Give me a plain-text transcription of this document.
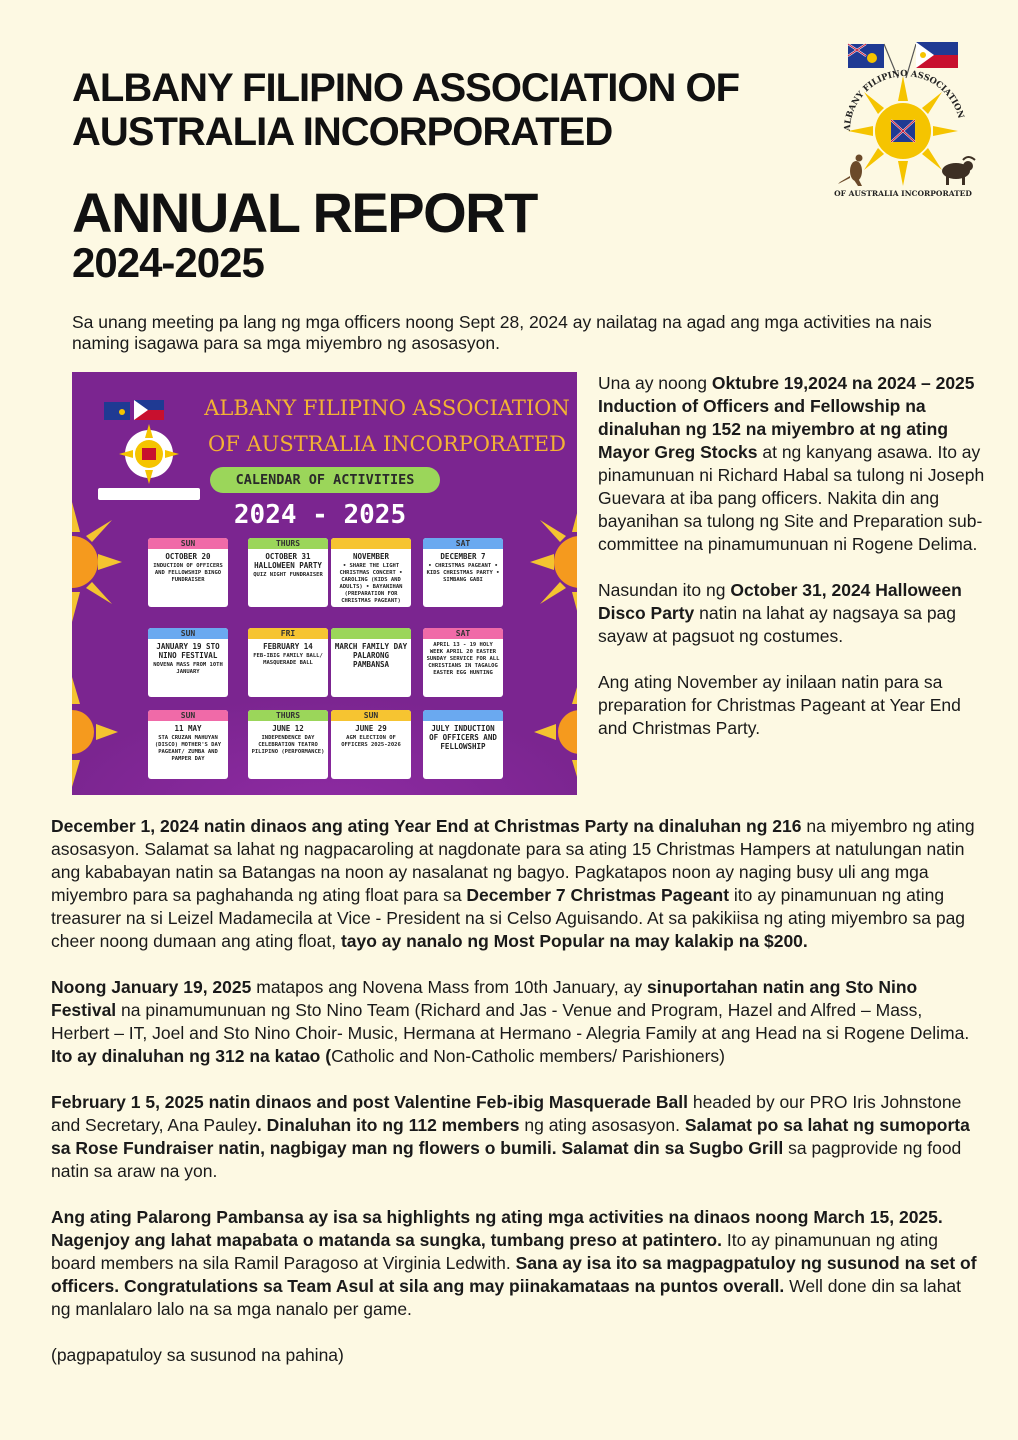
ALBANY FILIPINO ASSOCIATION OF AUSTRALIA INCORPORATED
ANNUAL REPORT
2024-2025
ALBANY FILIPINO ASSOCIATION
OF AUSTRALIA INCORPORATED

Sa unang meeting pa lang ng mga officers noong Sept 28, 2024 ay nailatag na agad ang mga activities na nais naming isagawa para sa mga miyembro ng asosasyon.

ALBANY FILIPINO ASSOCIATION
OF AUSTRALIA INCORPORATED
CALENDAR OF ACTIVITIES
2024 - 2025
SUN
OCTOBER 20
INDUCTION OF OFFICERS AND FELLOWSHIP BINGO FUNDRAISER
THURS
OCTOBER 31 HALLOWEEN PARTY
QUIZ NIGHT FUNDRAISER
NOVEMBER
• SHARE THE LIGHT CHRISTMAS CONCERT • CAROLING (KIDS AND ADULTS) • BAYANIHAN (PREPARATION FOR CHRISTMAS PAGEANT)
SAT
DECEMBER 7
• CHRISTMAS PAGEANT • KIDS CHRISTMAS PARTY • SIMBANG GABI
SUN
JANUARY 19 STO NINO FESTIVAL
NOVENA MASS FROM 10TH JANUARY
FRI
FEBRUARY 14
FEB-IBIG FAMILY BALL/ MASQUERADE BALL
MARCH FAMILY DAY PALARONG PAMBANSA
SAT
APRIL 13 - 19 HOLY WEEK APRIL 20 EASTER SUNDAY SERVICE FOR ALL CHRISTIANS IN TAGALOG EASTER EGG HUNTING
SUN
11 MAY
STA CRUZAN MAHUYAN (DISCO) MOTHER'S DAY PAGEANT/ ZUMBA AND PAMPER DAY
THURS
JUNE 12
INDEPENDENCE DAY CELEBRATION TEATRO PILIPINO (PERFORMANCE)
SUN
JUNE 29
AGM ELECTION OF OFFICERS 2025-2026
JULY INDUCTION OF OFFICERS AND FELLOWSHIP

Una ay noong Oktubre 19,2024 na 2024 – 2025 Induction of Officers and Fellowship na dinaluhan ng 152 na miyembro at ng ating Mayor Greg Stocks at ng kanyang asawa. Ito ay pinamunuan ni Richard Habal sa tulong ni Joseph Guevara at iba pang officers. Nakita din ang bayanihan sa tulong ng Site and Preparation sub-committee na pinamumunuan ni Rogene Delima.

Nasundan ito ng October 31, 2024 Halloween Disco Party natin na lahat ay nagsaya sa pag sayaw at pagsuot ng costumes.

Ang ating November ay inilaan natin para sa preparation for Christmas Pageant at Year End and Christmas Party.

December 1, 2024 natin dinaos ang ating Year End at Christmas Party na dinaluhan ng 216 na miyembro ng ating asosasyon. Salamat sa lahat ng nagpacaroling at nagdonate para sa ating 15 Christmas Hampers at natulungan natin ang kababayan natin sa Batangas na noon ay nasalanat ng bagyo. Pagkatapos noon ay naging busy uli ang mga miyembro para sa paghahanda ng ating float para sa December 7 Christmas Pageant ito ay pinamunuan ng ating treasurer na si Leizel Madamecila at Vice - President na si Celso Aguisando. At sa pakikiisa ng ating miyembro sa pag cheer noong dumaan ang ating float, tayo ay nanalo ng Most Popular na may kalakip na $200.

Noong January 19, 2025 matapos ang Novena Mass from 10th January, ay sinuportahan natin ang Sto Nino Festival na pinamumunuan ng Sto Nino Team (Richard and Jas - Venue and Program, Hazel and Alfred – Mass, Herbert – IT, Joel and Sto Nino Choir- Music, Hermana at Hermano - Alegria Family at ang Head na si Rogene Delima. Ito ay dinaluhan ng 312 na katao (Catholic and Non-Catholic members/ Parishioners)

February 1 5, 2025 natin dinaos and post Valentine Feb-ibig Masquerade Ball headed by our PRO Iris Johnstone and Secretary, Ana Pauley. Dinaluhan ito ng 112 members ng ating asosasyon. Salamat po sa lahat ng sumoporta sa Rose Fundraiser natin, nagbigay man ng flowers o bumili. Salamat din sa Sugbo Grill sa pagprovide ng food natin sa araw na yon.

Ang ating Palarong Pambansa ay isa sa highlights ng ating mga activities na dinaos noong March 15, 2025. Nagenjoy ang lahat mapabata o matanda sa sungka, tumbang preso at patintero. Ito ay pinamunuan ng ating board members na sila Ramil Paragoso at Virginia Ledwith. Sana ay isa ito sa magpagpatuloy ng susunod na set of officers. Congratulations sa Team Asul at sila ang may piinakamataas na puntos overall. Well done din sa lahat ng manlalaro lalo na sa mga nanalo per game.

(pagpapatuloy sa susunod na pahina)
